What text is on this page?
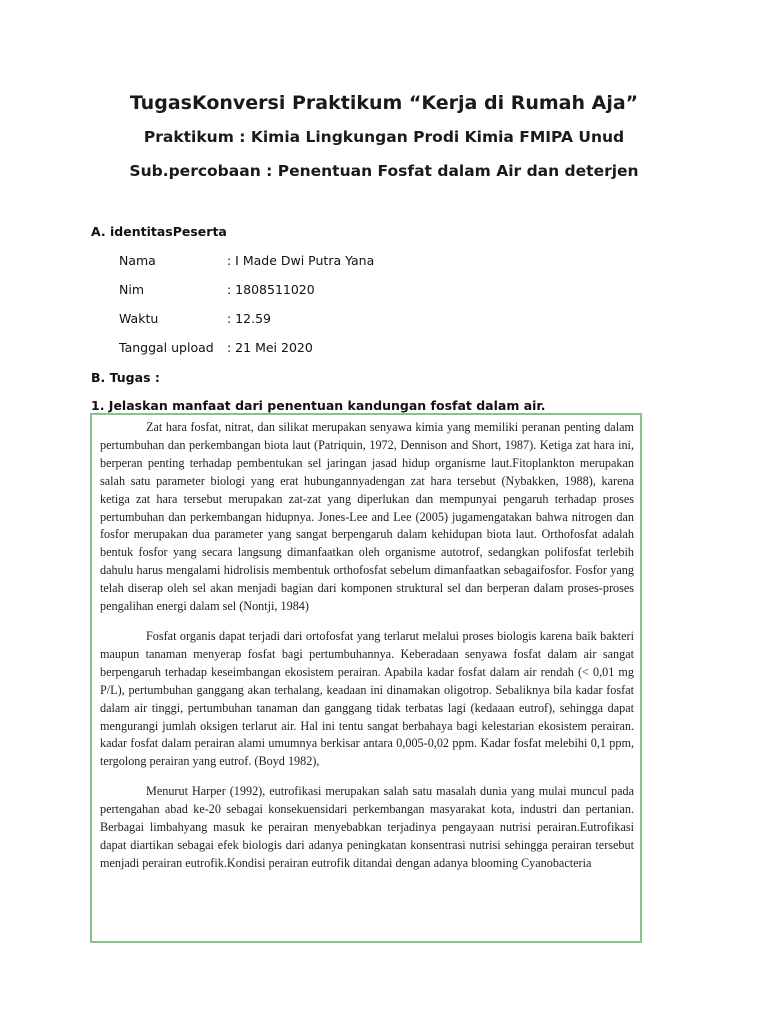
TugasKonversi Praktikum “Kerja di Rumah Aja”
Praktikum : Kimia Lingkungan Prodi Kimia FMIPA Unud
Sub.percobaan : Penentuan Fosfat dalam Air dan deterjen
A. identitasPeserta
Nama	: I Made Dwi Putra Yana
Nim	: 1808511020
Waktu	: 12.59
Tanggal upload : 21 Mei 2020
B. Tugas :
1. Jelaskan manfaat dari penentuan kandungan fosfat dalam air.

Zat hara fosfat, nitrat, dan silikat merupakan senyawa kimia yang memiliki peranan penting dalam pertumbuhan dan perkembangan biota laut (Patriquin, 1972, Dennison and Short, 1987). Ketiga zat hara ini, berperan penting terhadap pembentukan sel jaringan jasad hidup organisme laut.Fitoplankton merupakan salah satu parameter biologi yang erat hubungannyadengan zat hara tersebut (Nybakken, 1988), karena ketiga zat hara tersebut merupakan zat-zat yang diperlukan dan mempunyai pengaruh terhadap proses pertumbuhan dan perkembangan hidupnya. Jones-Lee and Lee (2005) jugamengatakan bahwa nitrogen dan fosfor merupakan dua parameter yang sangat berpengaruh dalam kehidupan biota laut. Orthofosfat adalah bentuk fosfor yang secara langsung dimanfaatkan oleh organisme autotrof, sedangkan polifosfat terlebih dahulu harus mengalami hidrolisis membentuk orthofosfat sebelum dimanfaatkan sebagaifosfor. Fosfor yang telah diserap oleh sel akan menjadi bagian dari komponen struktural sel dan berperan dalam proses-proses pengalihan energi dalam sel (Nontji, 1984)

Fosfat organis dapat terjadi dari ortofosfat yang terlarut melalui proses biologis karena baik bakteri maupun tanaman menyerap fosfat bagi pertumbuhannya. Keberadaan senyawa fosfat dalam air sangat berpengaruh terhadap keseimbangan ekosistem perairan. Apabila kadar fosfat dalam air rendah (< 0,01 mg P/L), pertumbuhan ganggang akan terhalang, keadaan ini dinamakan oligotrop. Sebaliknya bila kadar fosfat dalam air tinggi, pertumbuhan tanaman dan ganggang tidak terbatas lagi (kedaaan eutrof), sehingga dapat mengurangi jumlah oksigen terlarut air. Hal ini tentu sangat berbahaya bagi kelestarian ekosistem perairan. kadar fosfat dalam perairan alami umumnya berkisar antara 0,005-0,02 ppm. Kadar fosfat melebihi 0,1 ppm, tergolong perairan yang eutrof. (Boyd 1982),

Menurut Harper (1992), eutrofikasi merupakan salah satu masalah dunia yang mulai muncul pada pertengahan abad ke-20 sebagai konsekuensidari perkembangan masyarakat kota, industri dan pertanian. Berbagai limbahyang masuk ke perairan menyebabkan terjadinya pengayaan nutrisi perairan.Eutrofikasi dapat diartikan sebagai efek biologis dari adanya peningkatan konsentrasi nutrisi sehingga perairan tersebut menjadi perairan eutrofik.Kondisi perairan eutrofik ditandai dengan adanya blooming Cyanobacteria
